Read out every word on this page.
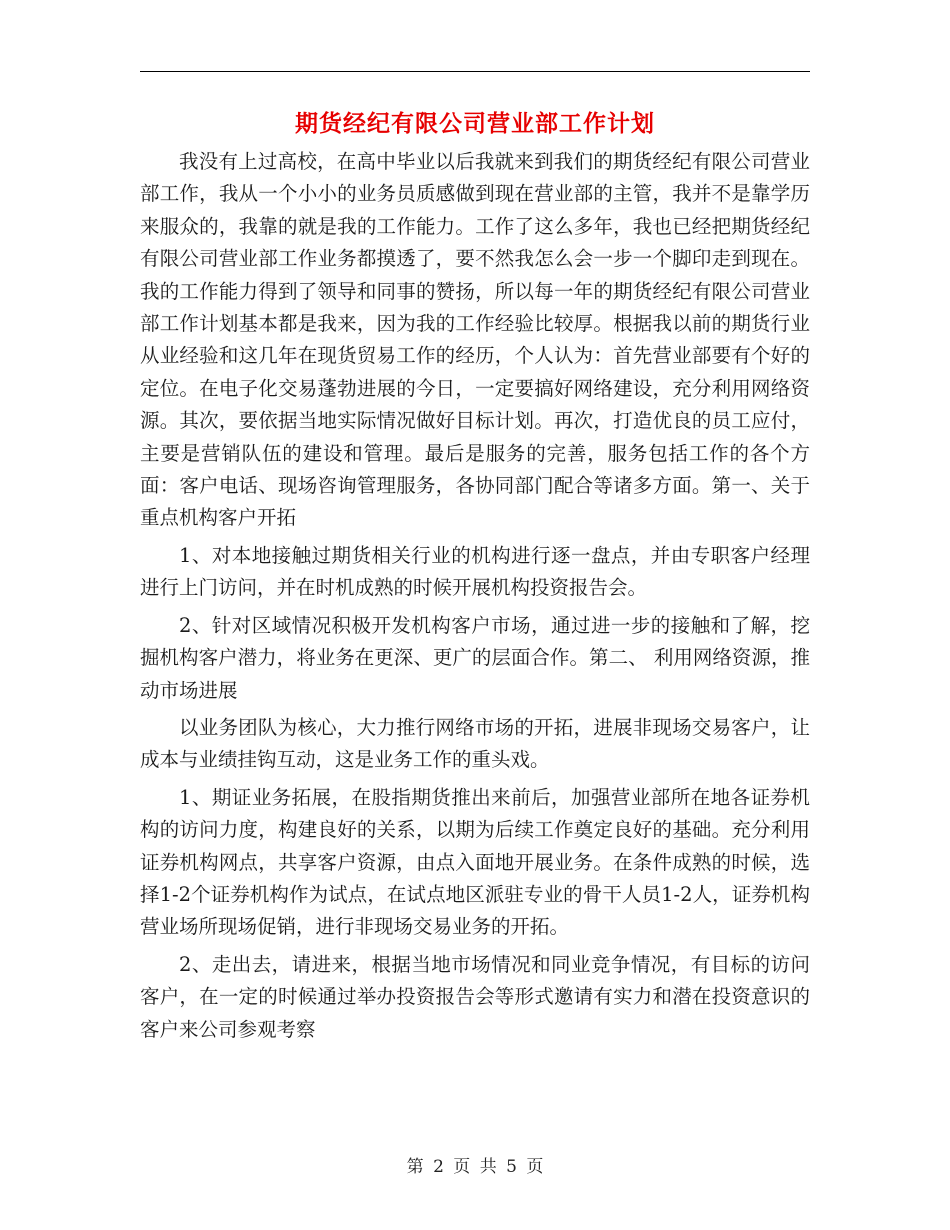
期货经纪有限公司营业部工作计划

我没有上过高校，在高中毕业以后我就来到我们的期货经纪有限公司营业部工作，我从一个小小的业务员质感做到现在营业部的主管，我并不是靠学历来服众的，我靠的就是我的工作能力。工作了这么多年，我也已经把期货经纪有限公司营业部工作业务都摸透了，要不然我怎么会一步一个脚印走到现在。我的工作能力得到了领导和同事的赞扬，所以每一年的期货经纪有限公司营业部工作计划基本都是我来，因为我的工作经验比较厚。根据我以前的期货行业从业经验和这几年在现货贸易工作的经历，个人认为：首先营业部要有个好的定位。在电子化交易蓬勃进展的今日，一定要搞好网络建设，充分利用网络资源。其次，要依据当地实际情况做好目标计划。再次，打造优良的员工应付，主要是营销队伍的建设和管理。最后是服务的完善，服务包括工作的各个方面：客户电话、现场咨询管理服务，各协同部门配合等诸多方面。第一、关于重点机构客户开拓

1、对本地接触过期货相关行业的机构进行逐一盘点，并由专职客户经理进行上门访问，并在时机成熟的时候开展机构投资报告会。

2、针对区域情况积极开发机构客户市场，通过进一步的接触和了解，挖掘机构客户潜力，将业务在更深、更广的层面合作。第二、 利用网络资源，推动市场进展

以业务团队为核心，大力推行网络市场的开拓，进展非现场交易客户，让成本与业绩挂钩互动，这是业务工作的重头戏。

1、期证业务拓展，在股指期货推出来前后，加强营业部所在地各证券机构的访问力度，构建良好的关系，以期为后续工作奠定良好的基础。充分利用证券机构网点，共享客户资源，由点入面地开展业务。在条件成熟的时候，选择1-2个证券机构作为试点，在试点地区派驻专业的骨干人员1-2人，证券机构营业场所现场促销，进行非现场交易业务的开拓。

2、走出去，请进来，根据当地市场情况和同业竞争情况，有目标的访问客户，在一定的时候通过举办投资报告会等形式邀请有实力和潜在投资意识的客户来公司参观考察

第 2 页 共 5 页
